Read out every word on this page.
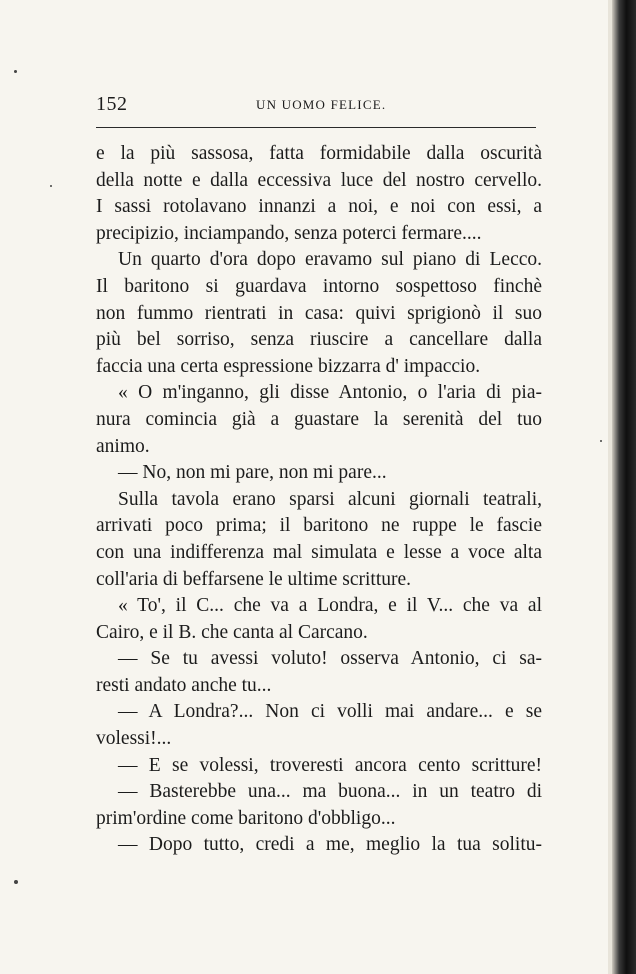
152	UN UOMO FELICE.
e la più sassosa, fatta formidabile dalla oscurità
della notte e dalla eccessiva luce del nostro cervello.
I sassi rotolavano innanzi a noi, e noi con essi, a
precipizio, inciampando, senza poterci fermare....
Un quarto d'ora dopo eravamo sul piano di Lecco.
Il baritono si guardava intorno sospettoso finchè
non fummo rientrati in casa: quivi sprigionò il suo
più bel sorriso, senza riuscire a cancellare dalla
faccia una certa espressione bizzarra d' impaccio.
« O m'inganno, gli disse Antonio, o l'aria di pia-
nura comincia già a guastare la serenità del tuo
animo.
— No, non mi pare, non mi pare...
Sulla tavola erano sparsi alcuni giornali teatrali,
arrivati poco prima; il baritono ne ruppe le fascie
con una indifferenza mal simulata e lesse a voce alta
coll'aria di beffarsene le ultime scritture.
« To', il C... che va a Londra, e il V... che va al
Cairo, e il B. che canta al Carcano.
— Se tu avessi voluto! osserva Antonio, ci sa-
resti andato anche tu...
— A Londra?... Non ci volli mai andare... e se
volessi!...
— E se volessi, troveresti ancora cento scritture!
— Basterebbe una... ma buona... in un teatro di
prim'ordine come baritono d'obbligo...
— Dopo tutto, credi a me, meglio la tua solitu-
